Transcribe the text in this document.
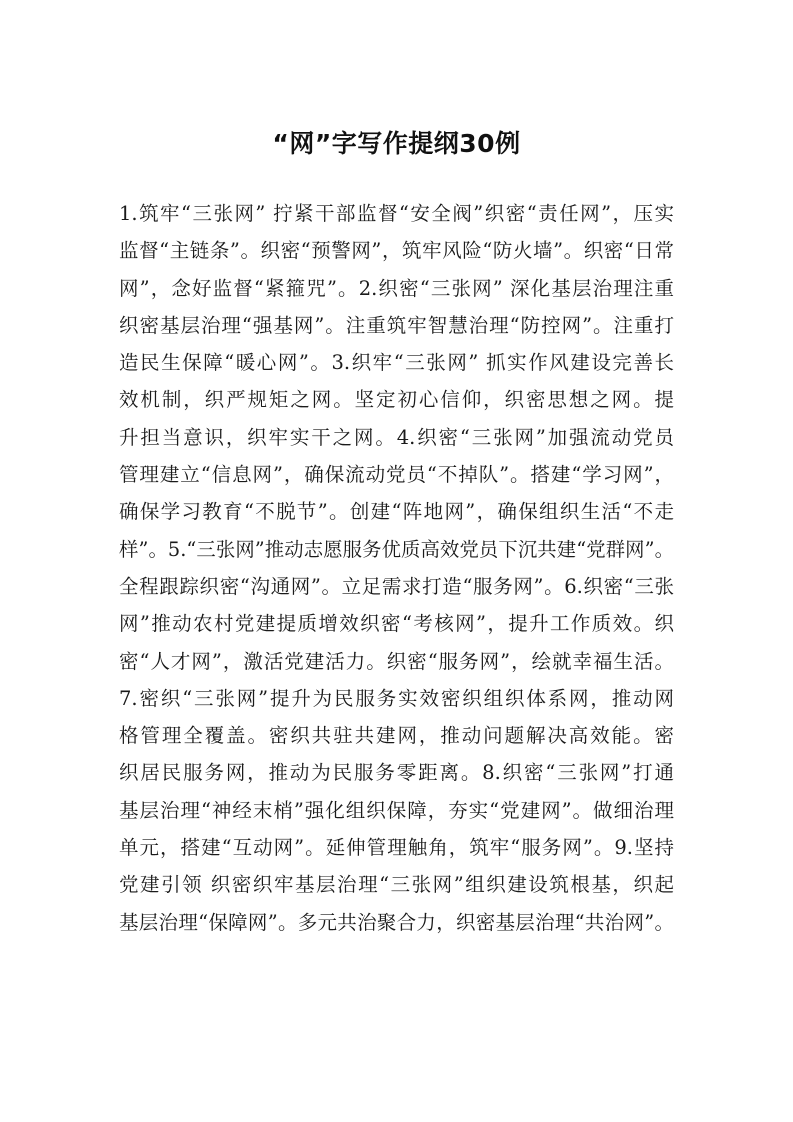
“网”字写作提纲30例
1.筑牢“三张网” 拧紧干部监督“安全阀”织密“责任网”，压实
监督“主链条”。织密“预警网”，筑牢风险“防火墙”。织密“日常
网”，念好监督“紧箍咒”。2.织密“三张网” 深化基层治理注重
织密基层治理“强基网”。注重筑牢智慧治理“防控网”。注重打
造民生保障“暖心网”。3.织牢“三张网” 抓实作风建设完善长
效机制，织严规矩之网。坚定初心信仰，织密思想之网。提
升担当意识，织牢实干之网。4.织密“三张网”加强流动党员
管理建立“信息网”，确保流动党员“不掉队”。搭建“学习网”，
确保学习教育“不脱节”。创建“阵地网”，确保组织生活“不走
样”。5.“三张网”推动志愿服务优质高效党员下沉共建“党群网”。
全程跟踪织密“沟通网”。立足需求打造“服务网”。6.织密“三张
网”推动农村党建提质增效织密“考核网”，提升工作质效。织
密“人才网”，激活党建活力。织密“服务网”，绘就幸福生活。
7.密织“三张网”提升为民服务实效密织组织体系网，推动网
格管理全覆盖。密织共驻共建网，推动问题解决高效能。密
织居民服务网，推动为民服务零距离。8.织密“三张网”打通
基层治理“神经末梢”强化组织保障，夯实“党建网”。做细治理
单元，搭建“互动网”。延伸管理触角，筑牢“服务网”。9.坚持
党建引领 织密织牢基层治理“三张网”组织建设筑根基，织起
基层治理“保障网”。多元共治聚合力，织密基层治理“共治网”。
